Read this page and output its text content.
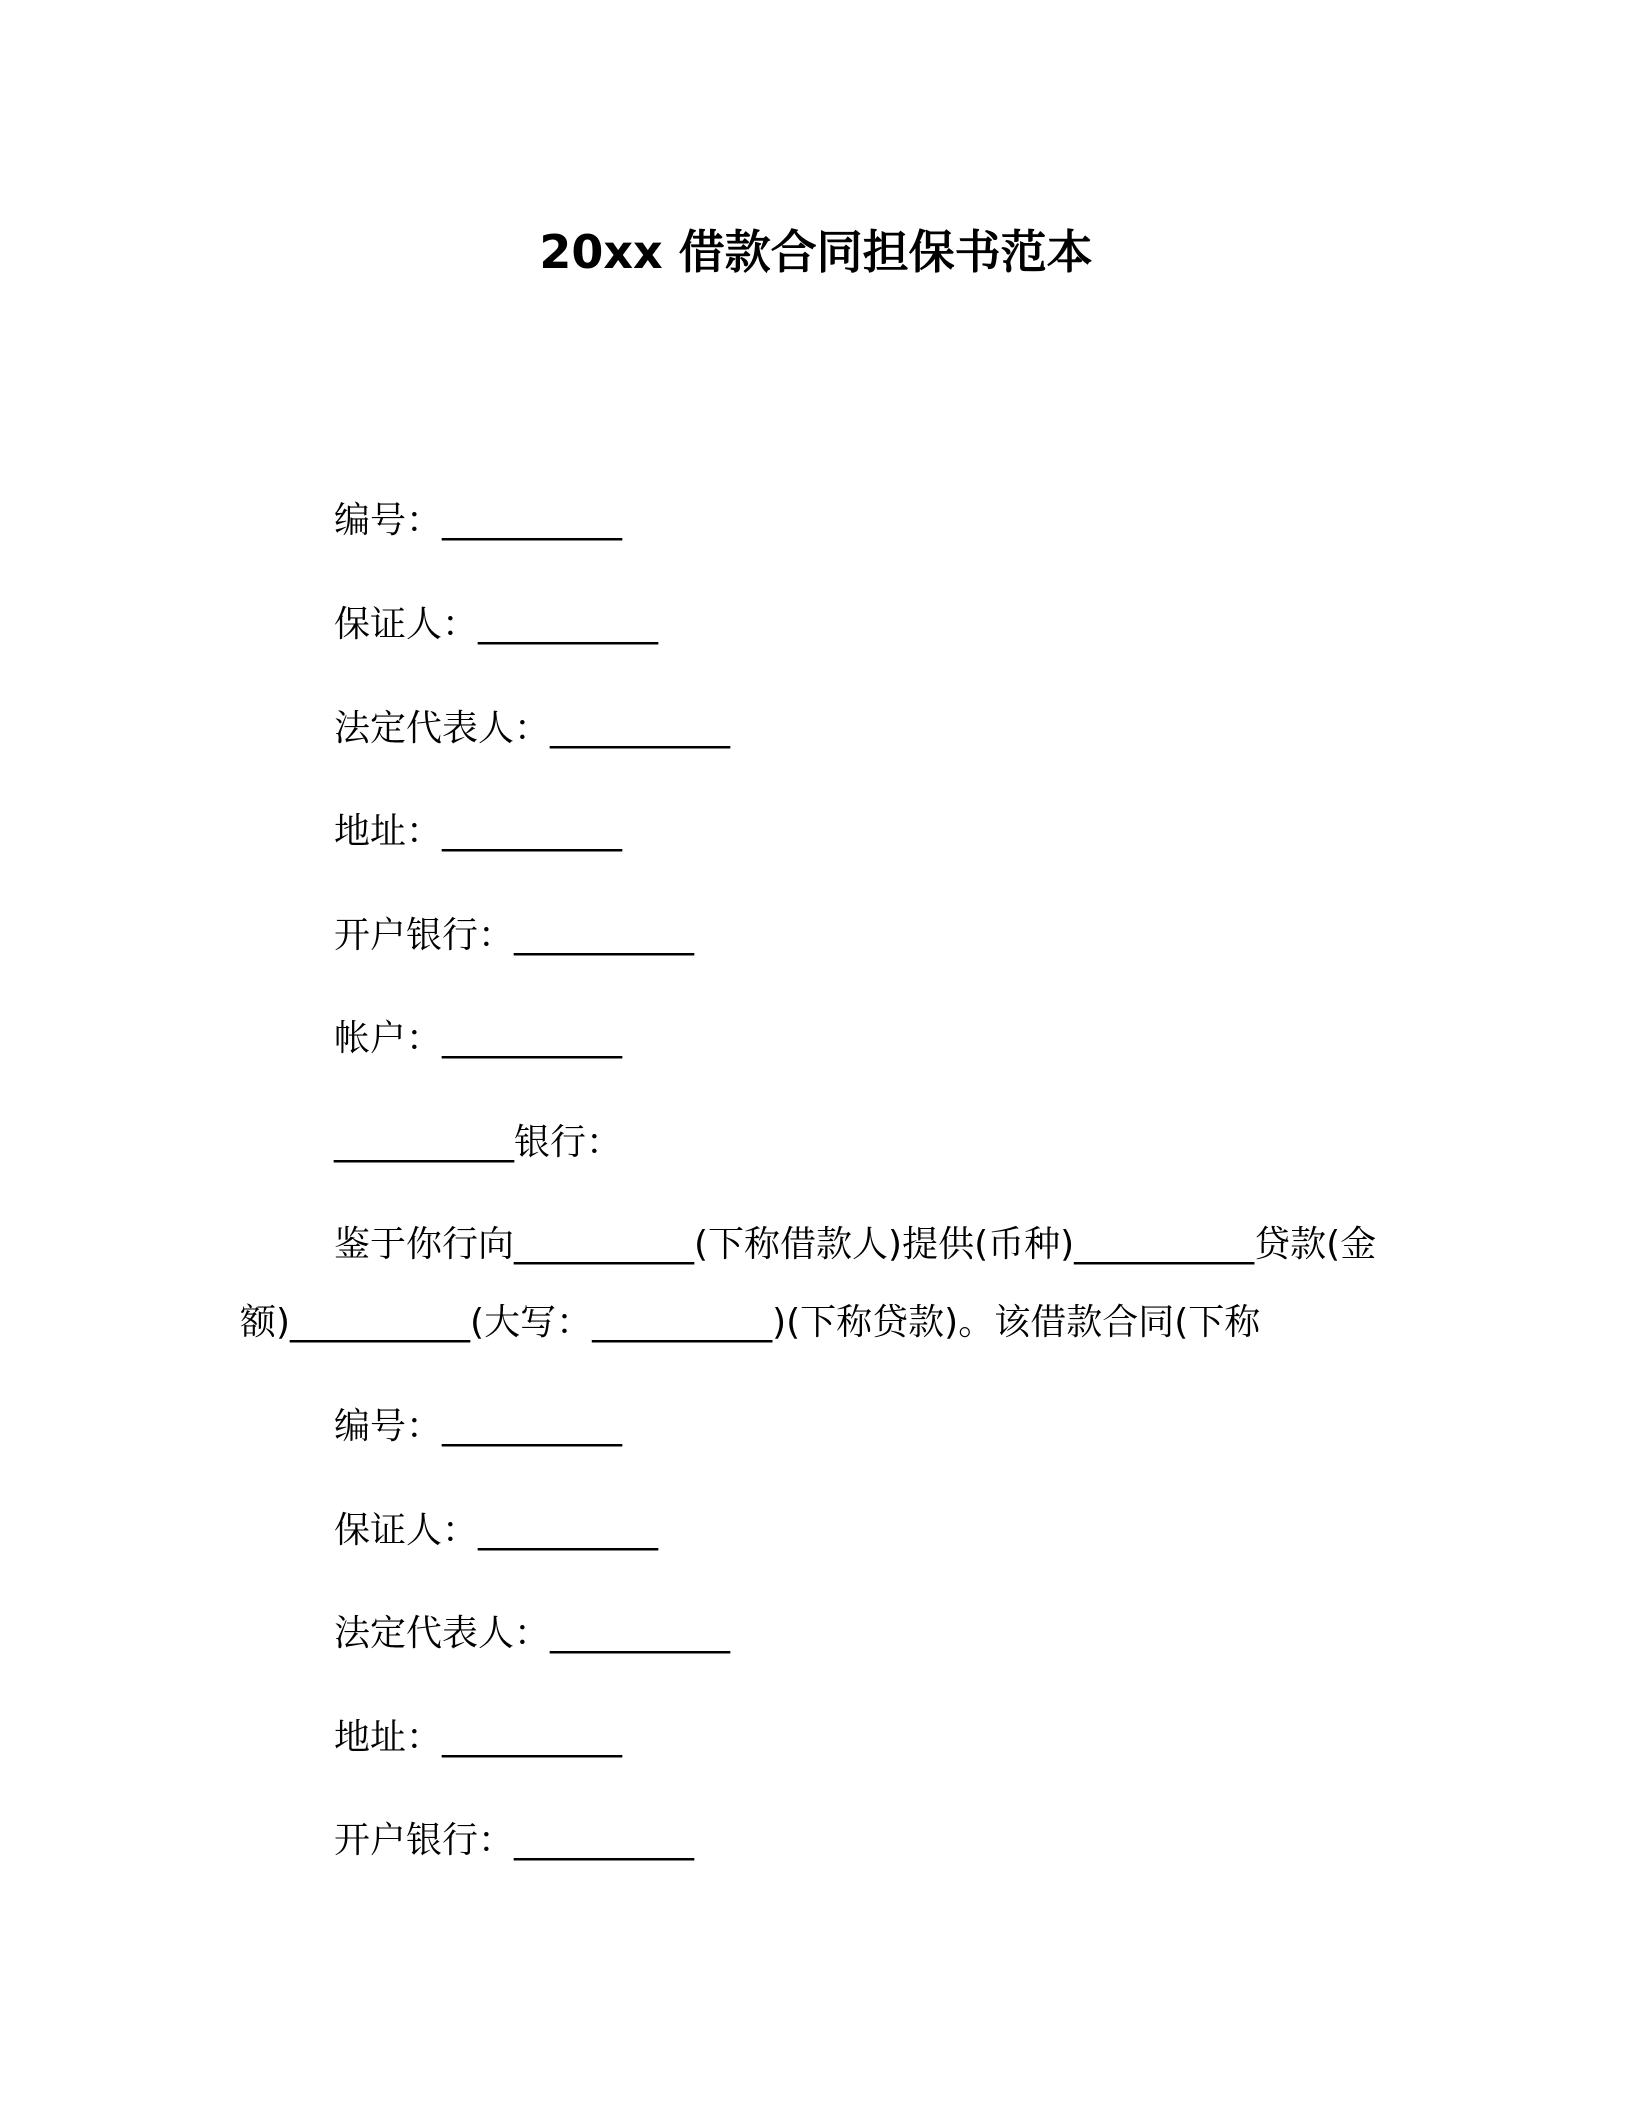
20xx 借款合同担保书范本
编号：__________
保证人：__________
法定代表人：__________
地址：__________
开户银行：__________
帐户：__________
__________银行：
鉴于你行向__________(下称借款人)提供(币种)__________贷款(金额)__________(大写：__________)(下称贷款)。该借款合同(下称
编号：__________
保证人：__________
法定代表人：__________
地址：__________
开户银行：__________
